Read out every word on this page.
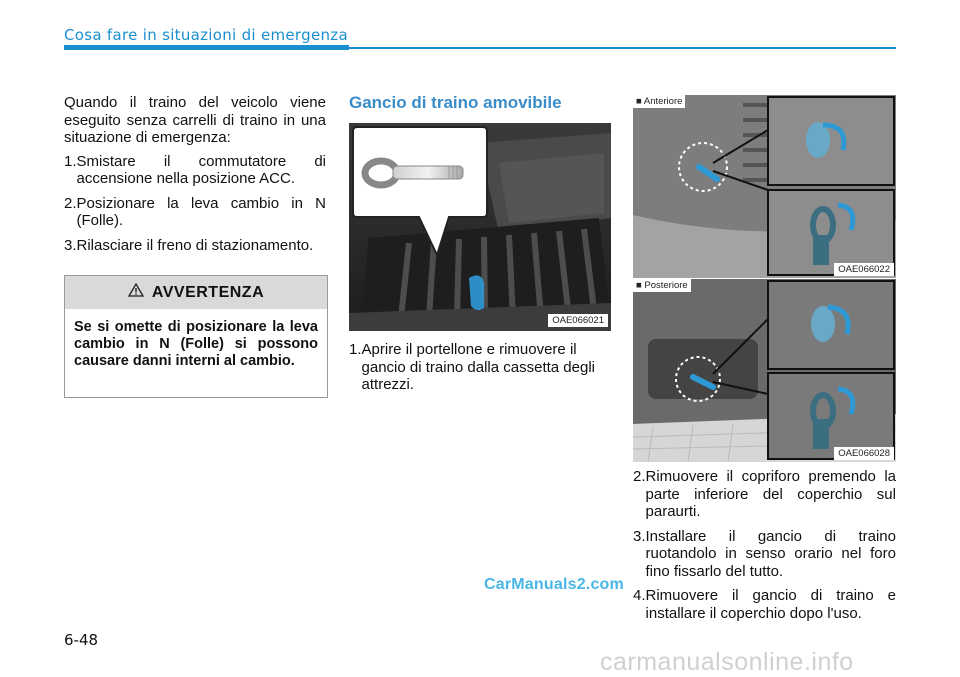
Cosa fare in situazioni di emergenza

Quando il traino del veicolo viene eseguito senza carrelli di traino in una situazione di emergenza:

1. Smistare il commutatore di accensione nella posizione ACC.
2. Posizionare la leva cambio in N (Folle).
3. Rilasciare il freno di stazionamento.
AVVERTENZA
Se si omette di posizionare la leva cambio in N (Folle) si possono causare danni interni al cambio.
Gancio di traino amovibile
OAE066021
1. Aprire il portellone e rimuovere il gancio di traino dalla cassetta degli attrezzi.
■ Anteriore
OAE066022
■ Posteriore
OAE066028
2. Rimuovere il copriforo premendo la parte inferiore del coperchio sul paraurti.
3. Installare il gancio di traino ruotandolo in senso orario nel foro fino fissarlo del tutto.
4. Rimuovere il gancio di traino e installare il coperchio dopo l'uso.
CarManuals2.com
6-48
carmanualsonline.info
